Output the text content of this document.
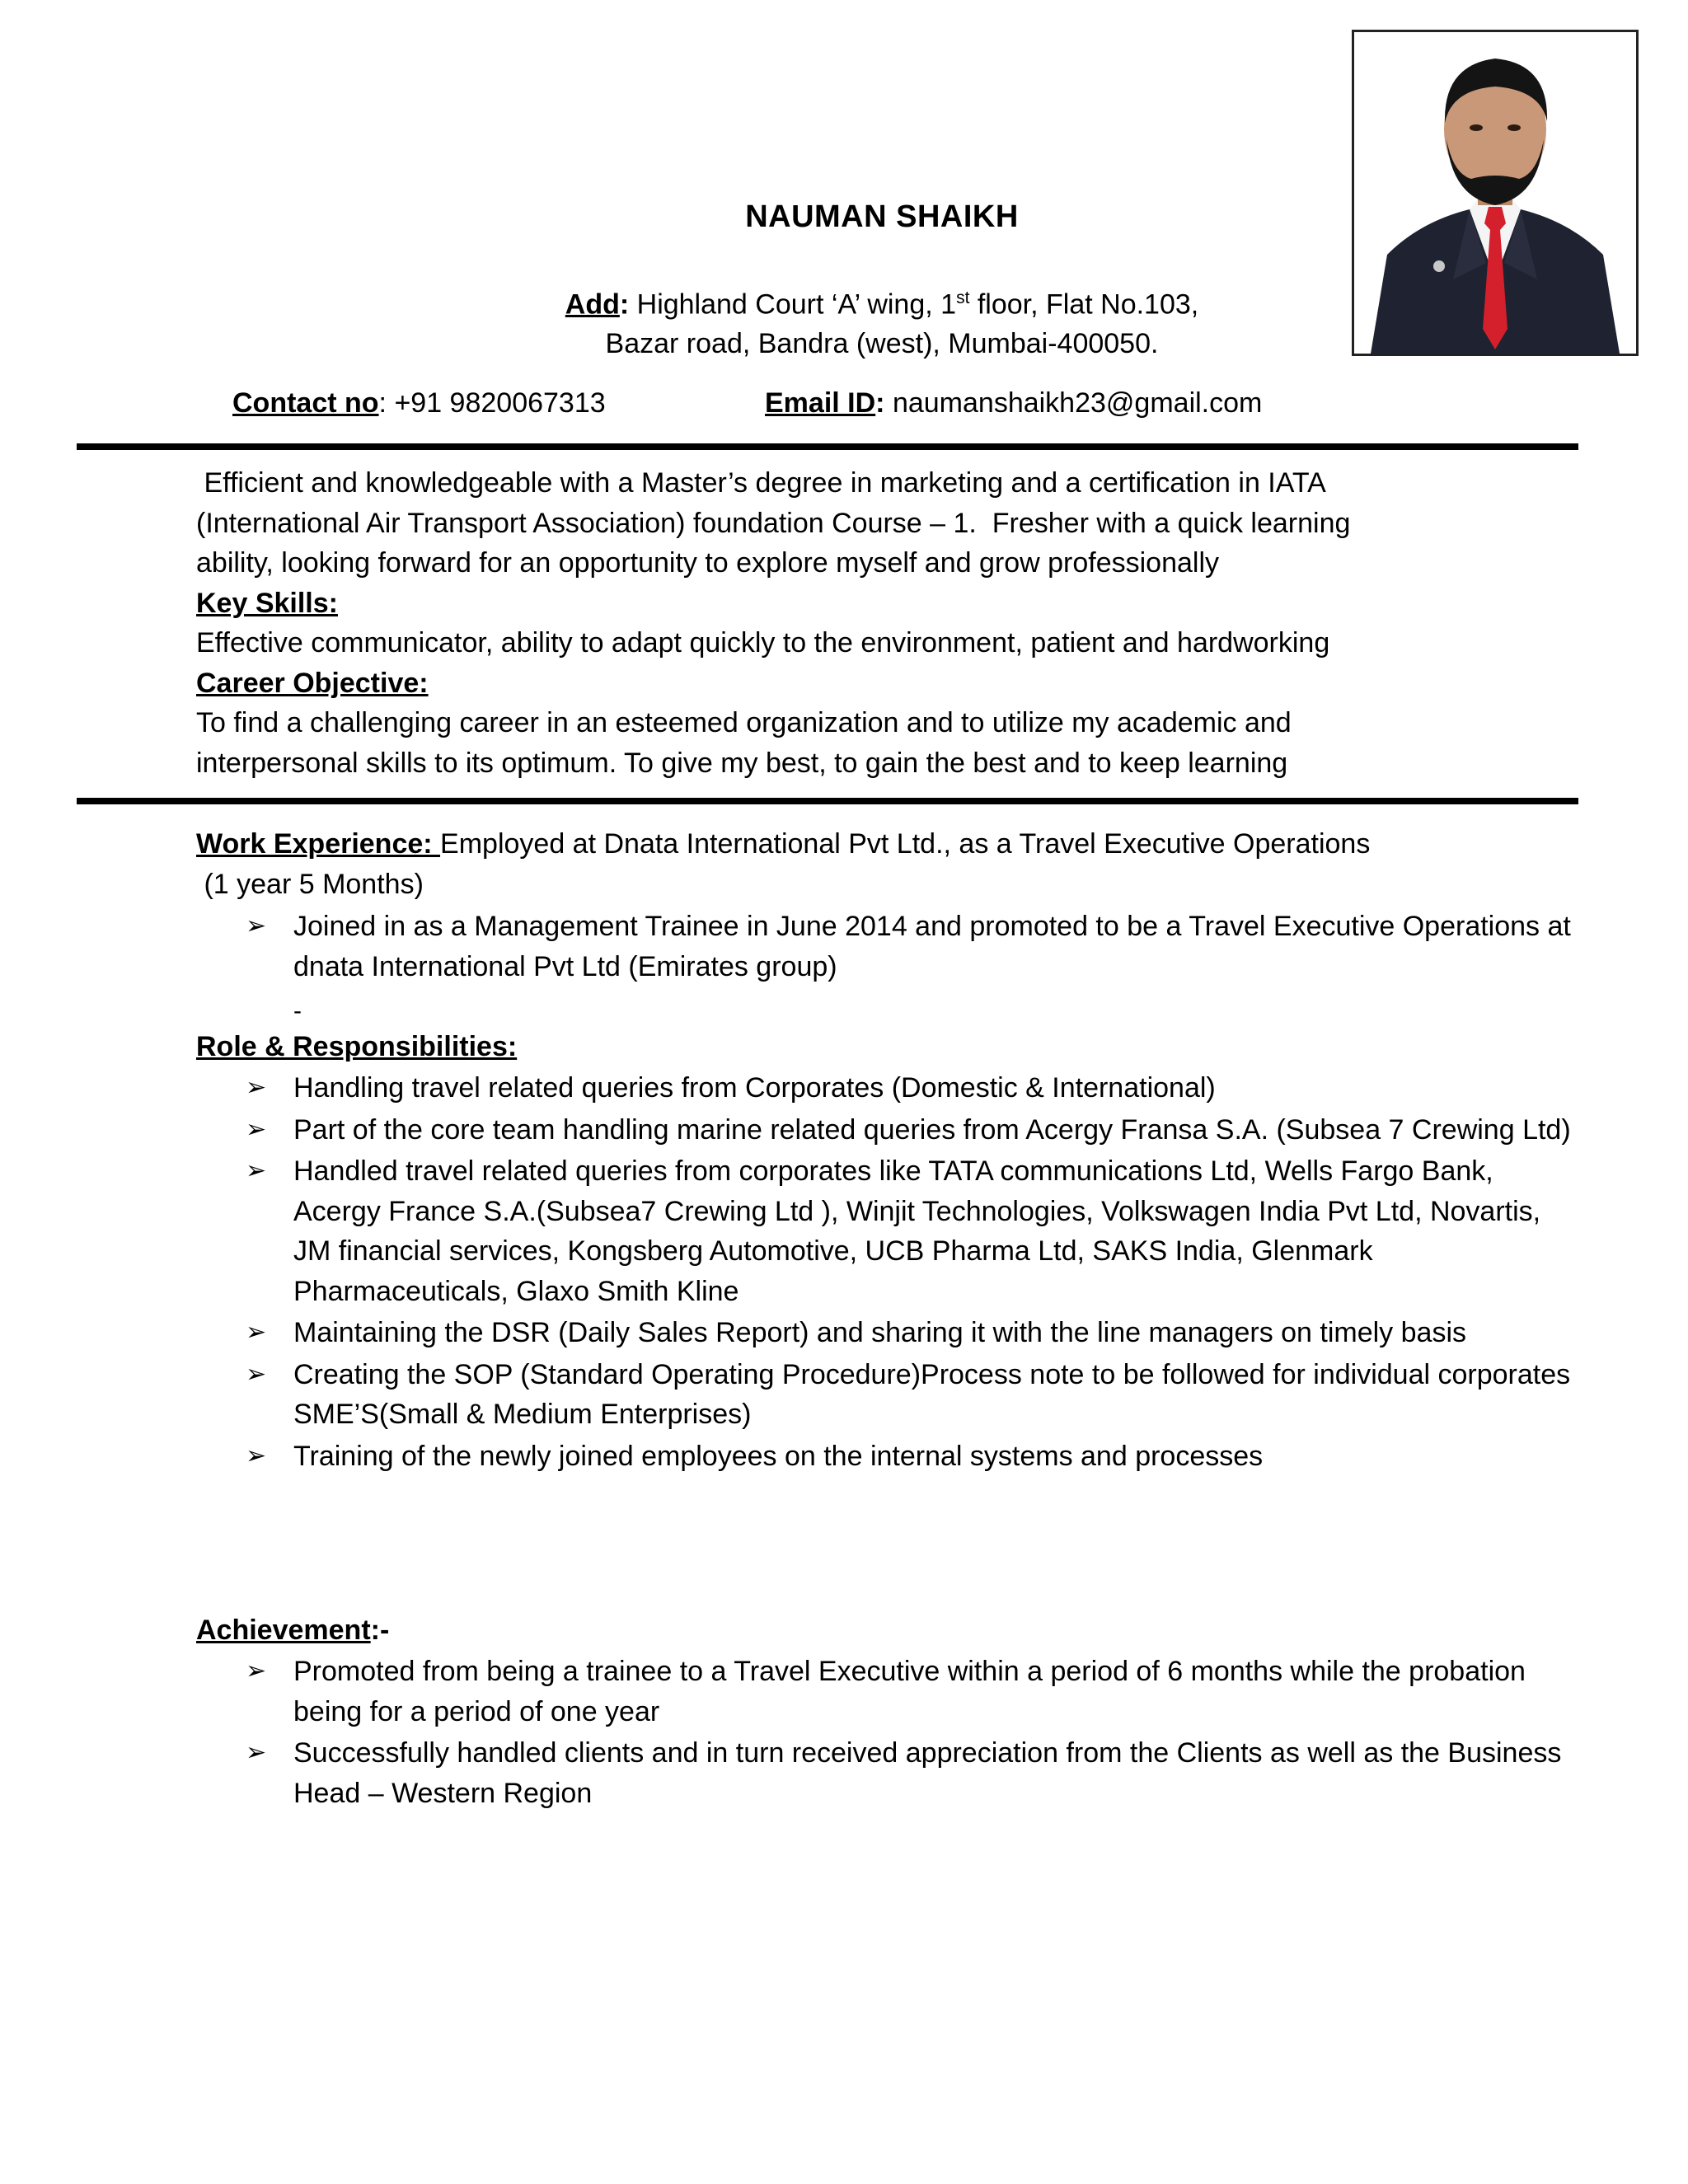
NAUMAN SHAIKH
Add: Highland Court ‘A’ wing, 1st floor, Flat No.103,
Bazar road, Bandra (west), Mumbai-400050.
Contact no: +91 9820067313	Email ID: naumanshaikh23@gmail.com
Efficient and knowledgeable with a Master’s degree in marketing and a certification in IATA
(International Air Transport Association) foundation Course – 1.  Fresher with a quick learning
ability, looking forward for an opportunity to explore myself and grow professionally
Key Skills:
Effective communicator, ability to adapt quickly to the environment, patient and hardworking
Career Objective:
To find a challenging career in an esteemed organization and to utilize my academic and
interpersonal skills to its optimum. To give my best, to gain the best and to keep learning
Work Experience: Employed at Dnata International Pvt Ltd., as a Travel Executive Operations
(1 year 5 Months)
➢ Joined in as a Management Trainee in June 2014 and promoted to be a Travel Executive Operations at dnata International Pvt Ltd (Emirates group)
-
Role & Responsibilities:
➢ Handling travel related queries from Corporates (Domestic & International)
➢ Part of the core team handling marine related queries from Acergy Fransa S.A. (Subsea 7 Crewing Ltd)
➢ Handled travel related queries from corporates like TATA communications Ltd, Wells Fargo Bank, Acergy France S.A.(Subsea7 Crewing Ltd ), Winjit Technologies, Volkswagen India Pvt Ltd, Novartis, JM financial services, Kongsberg Automotive, UCB Pharma Ltd, SAKS India, Glenmark Pharmaceuticals, Glaxo Smith Kline
➢ Maintaining the DSR (Daily Sales Report) and sharing it with the line managers on timely basis
➢ Creating the SOP (Standard Operating Procedure)Process note to be followed for individual corporates SME’S(Small & Medium Enterprises)
➢ Training of the newly joined employees on the internal systems and processes
Achievement:-
➢ Promoted from being a trainee to a Travel Executive within a period of 6 months while the probation being for a period of one year
➢ Successfully handled clients and in turn received appreciation from the Clients as well as the Business Head – Western Region
